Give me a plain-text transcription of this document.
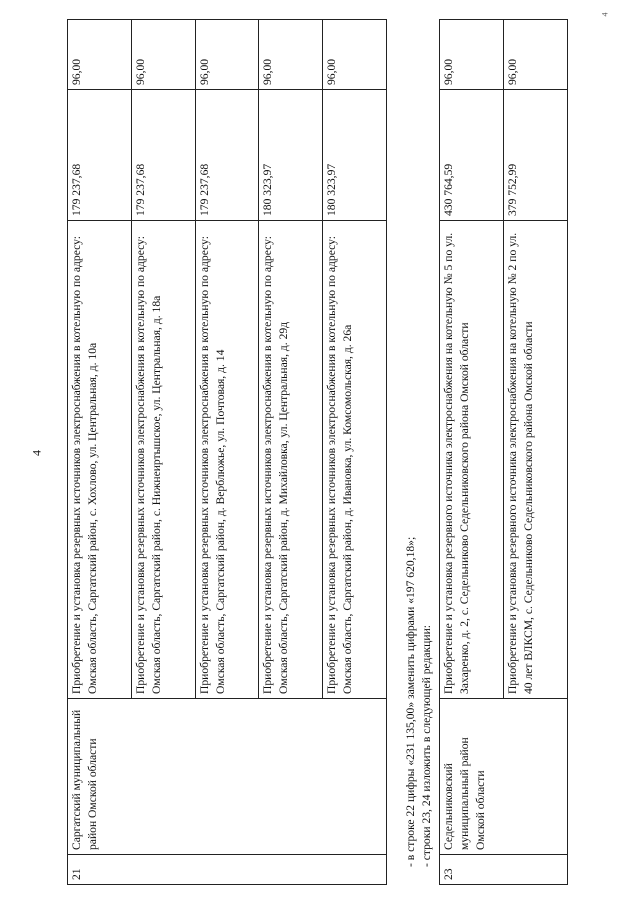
4
4
21	Саргатский муниципальный район Омской области	Приобретение и установка резервных источников электроснабжения в котельную по адресу: Омская область, Саргатский район, с. Хохлово, ул. Центральная, д. 10а	179 237,68	96,00
		Приобретение и установка резервных источников электроснабжения в котельную по адресу: Омская область, Саргатский район, с. Нижнеиртышское, ул. Центральная, д. 18а	179 237,68	96,00
		Приобретение и установка резервных источников электроснабжения в котельную по адресу: Омская область, Саргатский район, д. Верблюжье, ул. Почтовая, д. 14	179 237,68	96,00
		Приобретение и установка резервных источников электроснабжения в котельную по адресу: Омская область, Саргатский район, д. Михайловка, ул. Центральная, д. 29д	180 323,97	96,00
		Приобретение и установка резервных источников электроснабжения в котельную по адресу: Омская область, Саргатский район, д. Ивановка, ул. Комсомольская, д. 26а	180 323,97	96,00
- в строке 22 цифры «231 135,00» заменить цифрами «197 620,18»; - строки 23, 24 изложить в следующей редакции:
23	Седельниковский муниципальный район Омской области	Приобретение и установка резервного источника электроснабжения на котельную № 5 по ул. Захаренко, д. 2, с. Седельниково Седельниковского района Омской области	430 764,59	96,00
		Приобретение и установка резервного источника электроснабжения на котельную № 2 по ул. 40 лет ВЛКСМ, с. Седельниково Седельниковского района Омской области	379 752,99	96,00
